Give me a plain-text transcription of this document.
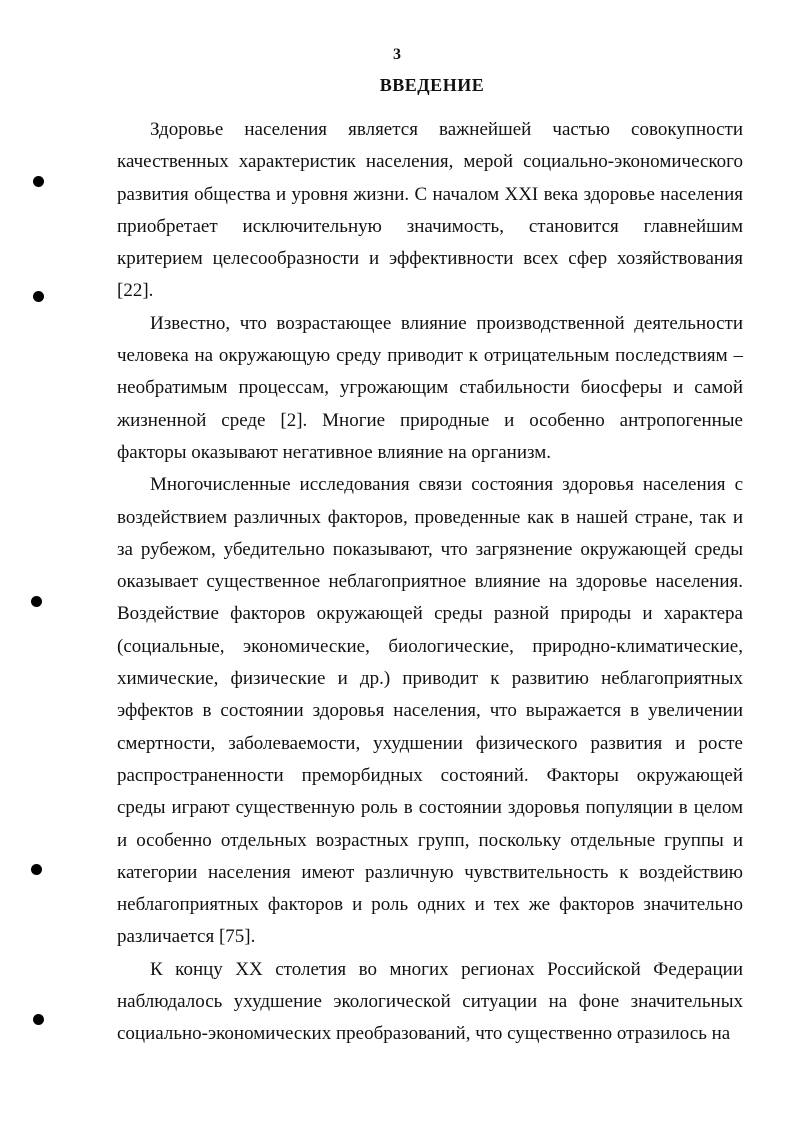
3
ВВЕДЕНИЕ

Здоровье населения является важнейшей частью совокупности качественных характеристик населения, мерой социально-экономического развития общества и уровня жизни. С началом XXI века здоровье населения приобретает исключительную значимость, становится главнейшим критерием целесообразности и эффективности всех сфер хозяйствования [22].

Известно, что возрастающее влияние производственной деятельности человека на окружающую среду приводит к отрицательным последствиям – необратимым процессам, угрожающим стабильности биосферы и самой жизненной среде [2]. Многие природные и особенно антропогенные факторы оказывают негативное влияние на организм.

Многочисленные исследования связи состояния здоровья населения с воздействием различных факторов, проведенные как в нашей стране, так и за рубежом, убедительно показывают, что загрязнение окружающей среды оказывает существенное неблагоприятное влияние на здоровье населения. Воздействие факторов окружающей среды разной природы и характера (социальные, экономические, биологические, природно-климатические, химические, физические и др.) приводит к развитию неблагоприятных эффектов в состоянии здоровья населения, что выражается в увеличении смертности, заболеваемости, ухудшении физического развития и росте распространенности преморбидных состояний. Факторы окружающей среды играют существенную роль в состоянии здоровья популяции в целом и особенно отдельных возрастных групп, поскольку отдельные группы и категории населения имеют различную чувствительность к воздействию неблагоприятных факторов и роль одних и тех же факторов значительно различается [75].

К концу XX столетия во многих регионах Российской Федерации наблюдалось ухудшение экологической ситуации на фоне значительных социально-экономических преобразований, что существенно отразилось на
